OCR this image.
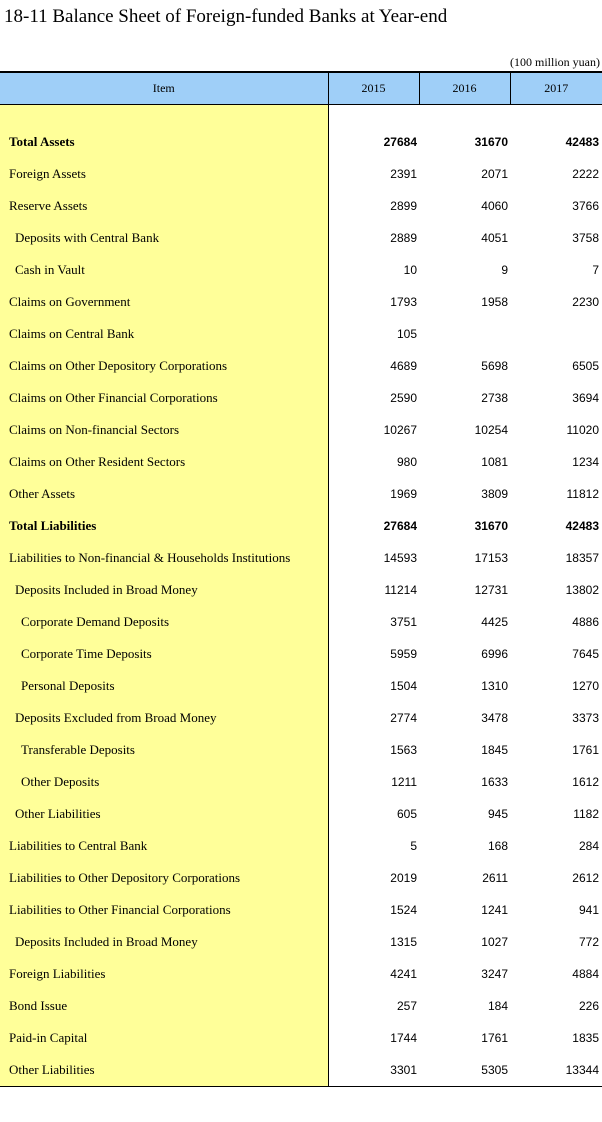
18-11 Balance Sheet of Foreign-funded Banks at Year-end
(100 million yuan)
Item	2015	2016	2017

Total Assets	27684	31670	42483
Foreign Assets	2391	2071	2222
Reserve Assets	2899	4060	3766
Deposits with Central Bank	2889	4051	3758
Cash in Vault	10	9	7
Claims on Government	1793	1958	2230
Claims on Central Bank	105		
Claims on Other Depository Corporations	4689	5698	6505
Claims on Other Financial Corporations	2590	2738	3694
Claims on Non-financial Sectors	10267	10254	11020
Claims on Other Resident Sectors	980	1081	1234
Other Assets	1969	3809	11812
Total Liabilities	27684	31670	42483
Liabilities to Non-financial & Households Institutions	14593	17153	18357
Deposits Included in Broad Money	11214	12731	13802
Corporate Demand Deposits	3751	4425	4886
Corporate Time Deposits	5959	6996	7645
Personal Deposits	1504	1310	1270
Deposits Excluded from Broad Money	2774	3478	3373
Transferable Deposits	1563	1845	1761
Other Deposits	1211	1633	1612
Other Liabilities	605	945	1182
Liabilities to Central Bank	5	168	284
Liabilities to Other Depository Corporations	2019	2611	2612
Liabilities to Other Financial Corporations	1524	1241	941
Deposits Included in Broad Money	1315	1027	772
Foreign Liabilities	4241	3247	4884
Bond Issue	257	184	226
Paid-in Capital	1744	1761	1835
Other Liabilities	3301	5305	13344
